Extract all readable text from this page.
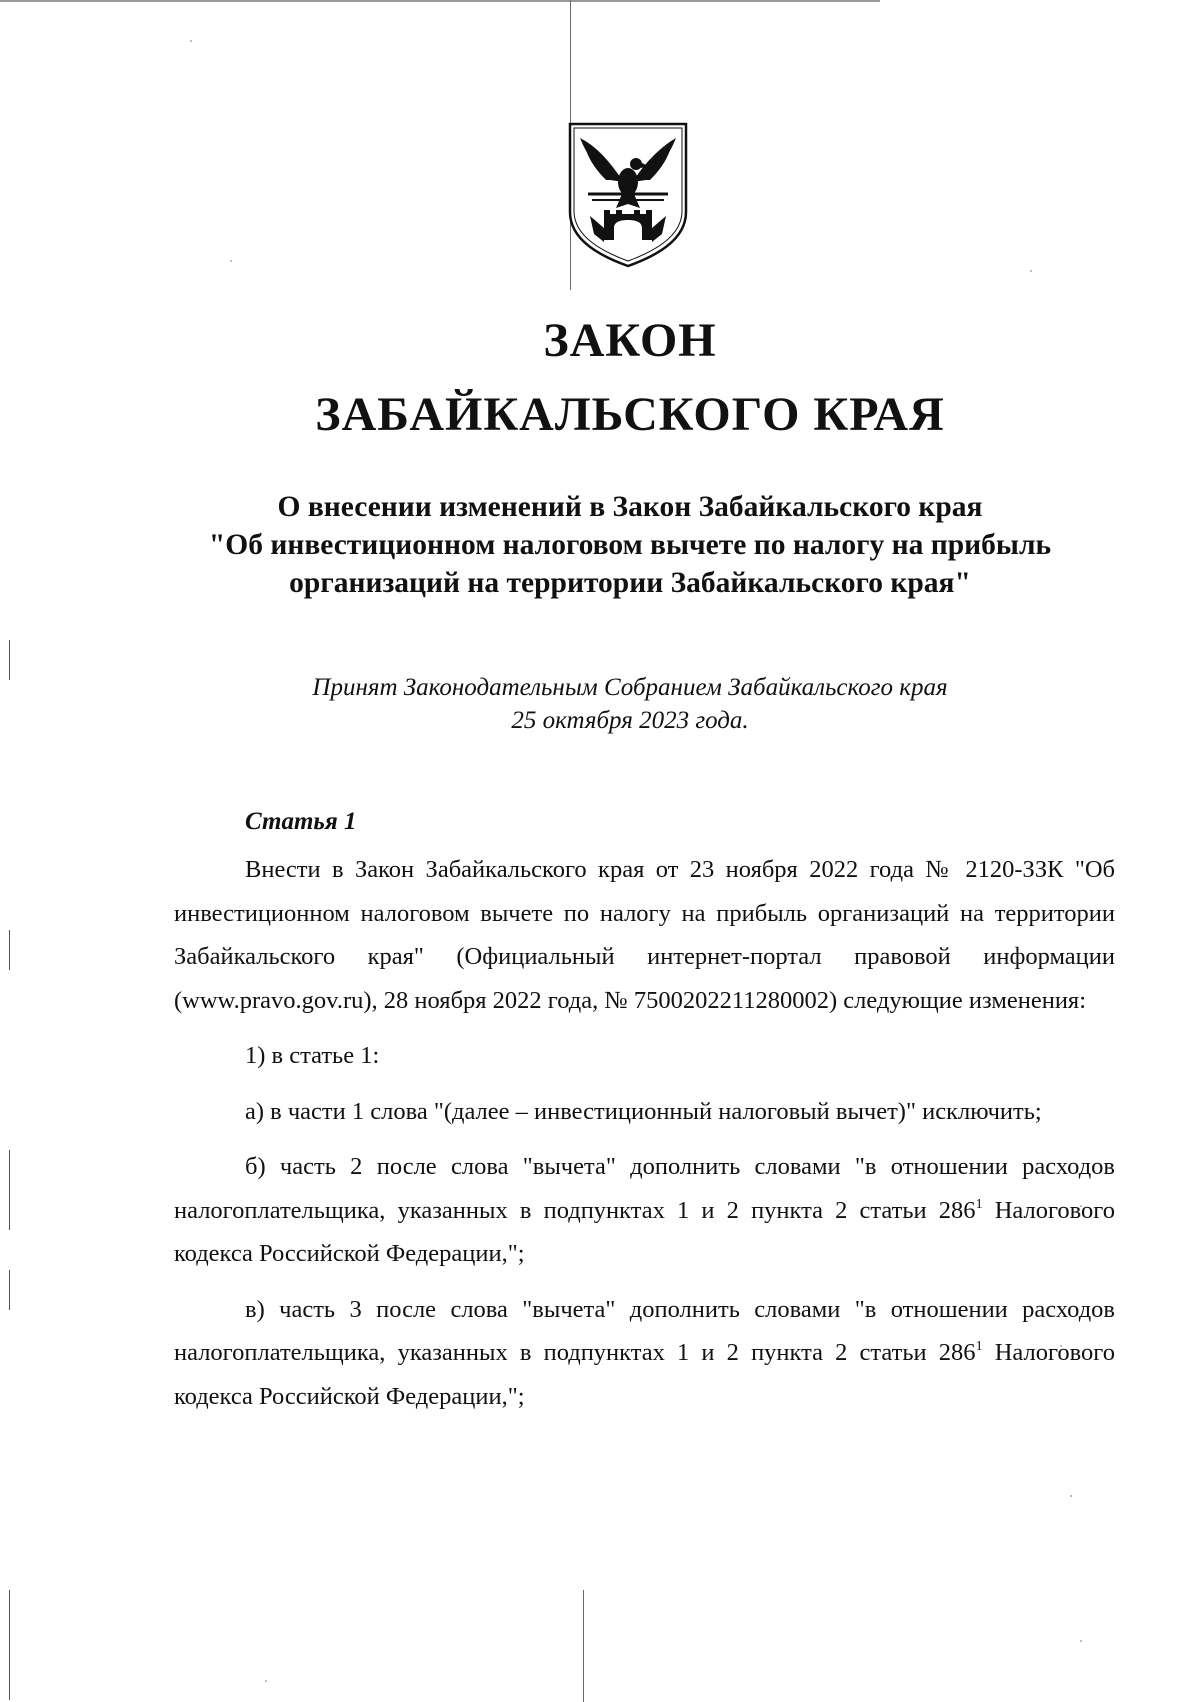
ЗАКОН
ЗАБАЙКАЛЬСКОГО КРАЯ
О внесении изменений в Закон Забайкальского края
"Об инвестиционном налоговом вычете по налогу на прибыль
организаций на территории Забайкальского края"
Принят Законодательным Собранием Забайкальского края
25 октября 2023 года.
Статья 1

Внести в Закон Забайкальского края от 23 ноября 2022 года № 2120-ЗЗК "Об инвестиционном налоговом вычете по налогу на прибыль организаций на территории Забайкальского края" (Официальный интернет-портал правовой информации (www.pravo.gov.ru), 28 ноября 2022 года, № 7500202211280002) следующие изменения:

1) в статье 1:

а) в части 1 слова "(далее – инвестиционный налоговый вычет)" исключить;

б) часть 2 после слова "вычета" дополнить словами "в отношении расходов налогоплательщика, указанных в подпунктах 1 и 2 пункта 2 статьи $286^1$ Налогового кодекса Российской Федерации,";

в) часть 3 после слова "вычета" дополнить словами "в отношении расходов налогоплательщика, указанных в подпунктах 1 и 2 пункта 2 статьи $286^1$ Налогового кодекса Российской Федерации,";
